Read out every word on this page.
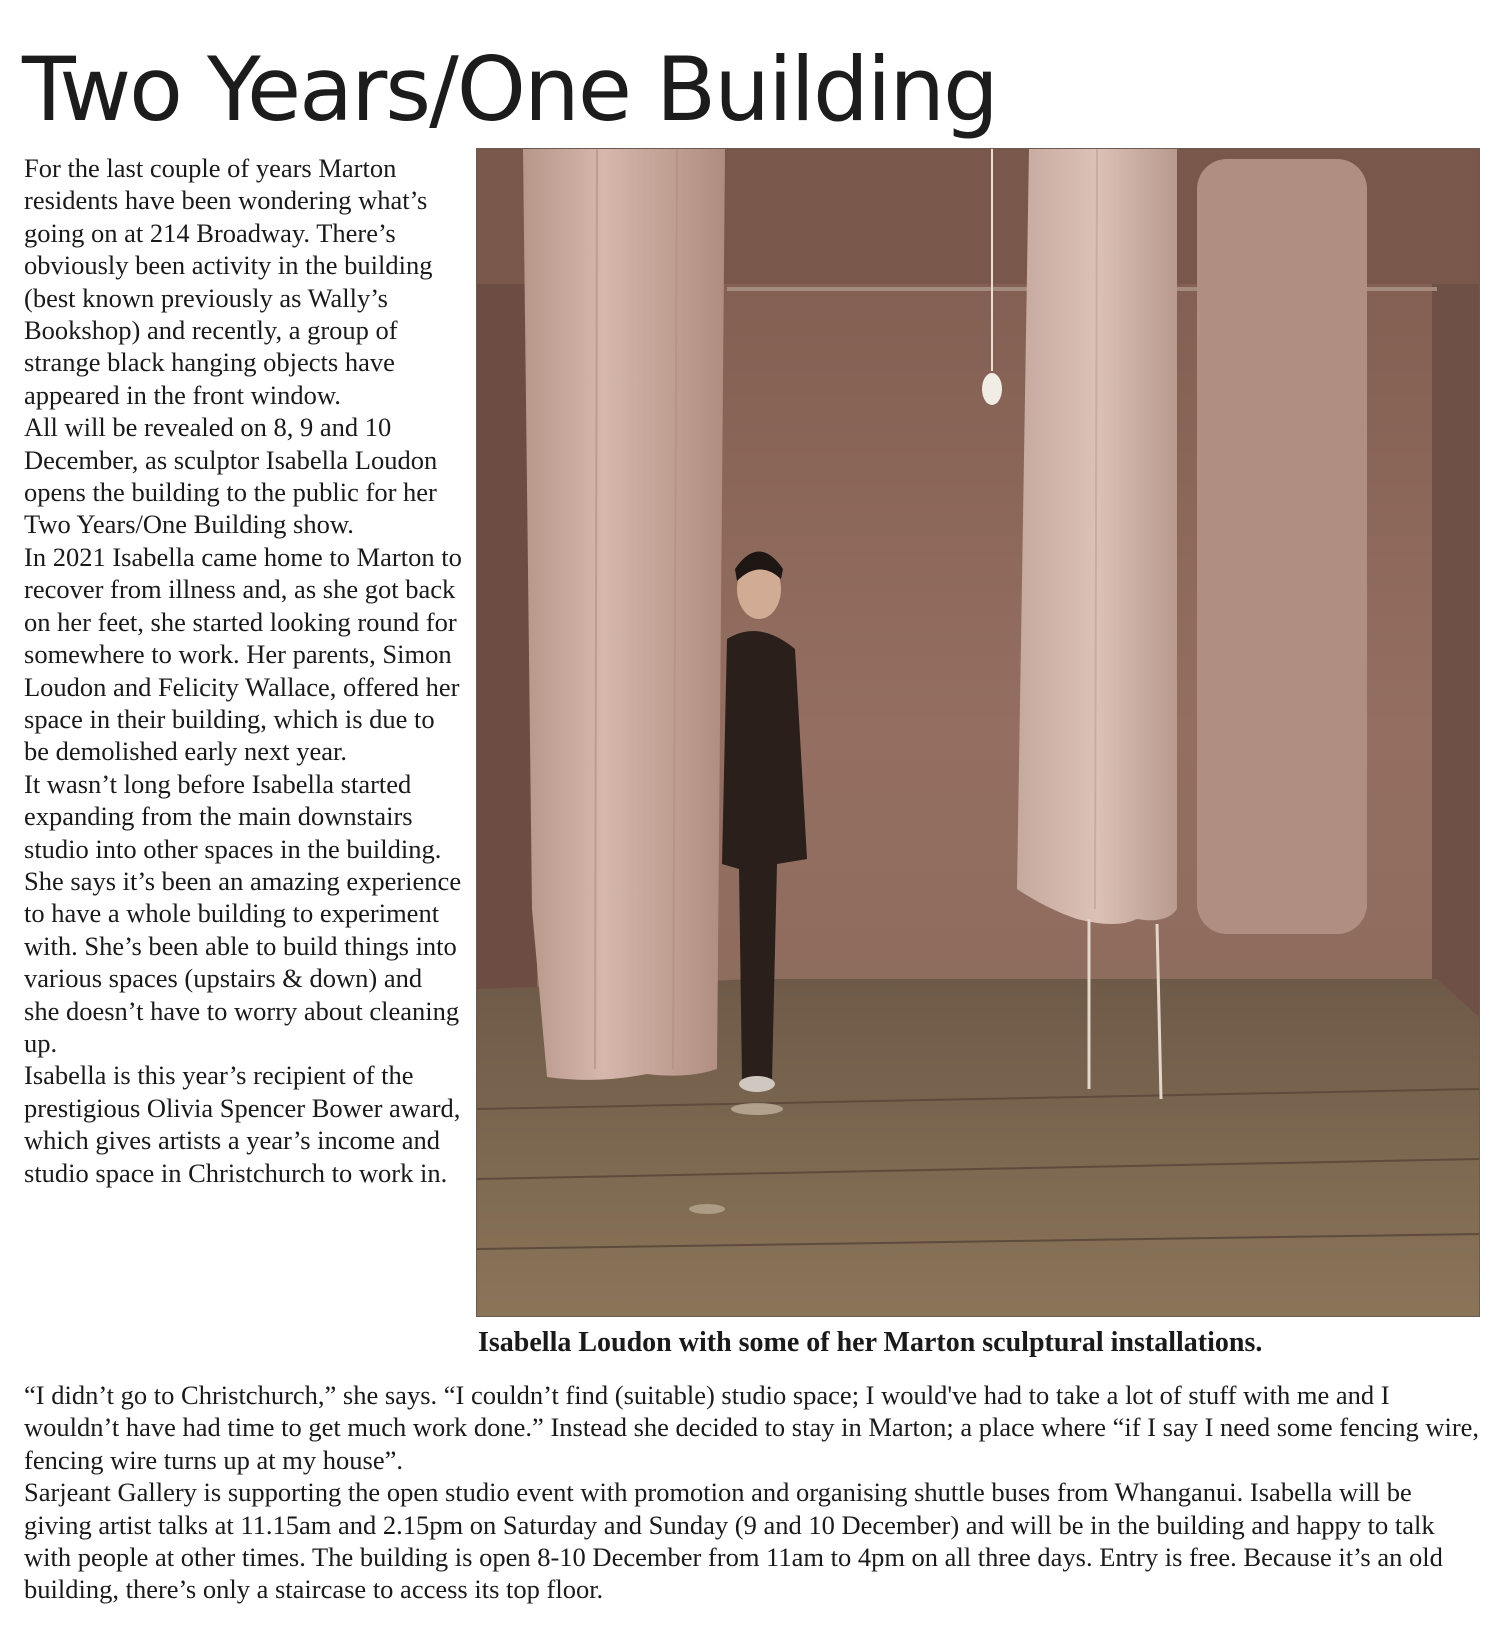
Two Years/One Building

For the last couple of years Marton residents have been wondering what’s going on at 214 Broadway. There’s obviously been activity in the building (best known previously as Wally’s Bookshop) and recently, a group of strange black hanging objects have appeared in the front window.

All will be revealed on 8, 9 and 10 December, as sculptor Isabella Loudon opens the building to the public for her Two Years/One Building show.

In 2021 Isabella came home to Marton to recover from illness and, as she got back on her feet, she started looking round for somewhere to work. Her parents, Simon Loudon and Felicity Wallace, offered her space in their building, which is due to be demolished early next year.

It wasn’t long before Isabella started expanding from the main downstairs studio into other spaces in the building. She says it’s been an amazing experience to have a whole building to experiment with. She’s been able to build things into various spaces (upstairs & down) and she doesn’t have to worry about cleaning up.

Isabella is this year’s recipient of the prestigious Olivia Spencer Bower award, which gives artists a year’s income and studio space in Christchurch to work in.

Isabella Loudon with some of her Marton sculptural installations.

“I didn’t go to Christchurch,” she says. “I couldn’t find (suitable) studio space; I would've had to take a lot of stuff with me and I wouldn’t have had time to get much work done.” Instead she decided to stay in Marton; a place where “if I say I need some fencing wire, fencing wire turns up at my house”.

Sarjeant Gallery is supporting the open studio event with promotion and organising shuttle buses from Whanganui. Isabella will be giving artist talks at 11.15am and 2.15pm on Saturday and Sunday (9 and 10 December) and will be in the building and happy to talk with people at other times. The building is open 8-10 December from 11am to 4pm on all three days. Entry is free. Because it’s an old building, there’s only a staircase to access its top floor.
